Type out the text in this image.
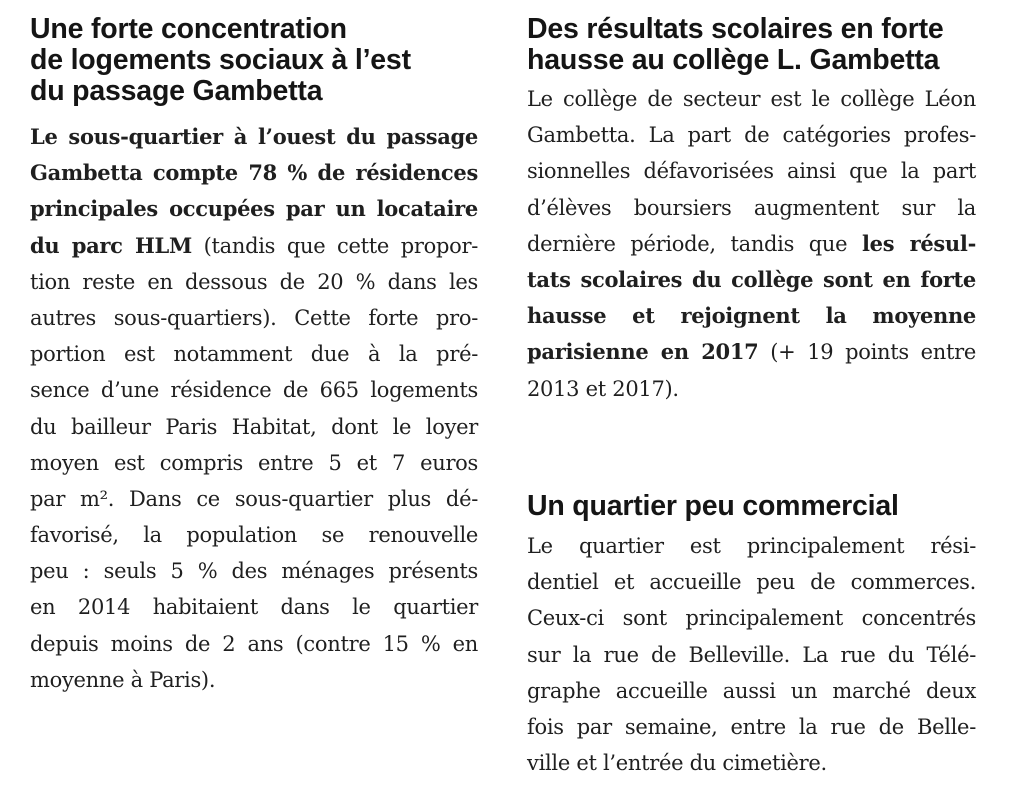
Une forte concentration
de logements sociaux à l’est
du passage Gambetta

Le sous-quartier à l’ouest du passage
Gambetta compte 78 % de résidences
principales occupées par un locataire
du parc HLM (tandis que cette propor-
tion reste en dessous de 20 % dans les
autres sous-quartiers). Cette forte pro-
portion est notamment due à la pré-
sence d’une résidence de 665 logements
du bailleur Paris Habitat, dont le loyer
moyen est compris entre 5 et 7 euros
par m². Dans ce sous-quartier plus dé-
favorisé, la population se renouvelle
peu : seuls 5 % des ménages présents
en 2014 habitaient dans le quartier
depuis moins de 2 ans (contre 15 % en
moyenne à Paris).

Des résultats scolaires en forte
hausse au collège L. Gambetta

Le collège de secteur est le collège Léon
Gambetta. La part de catégories profes-
sionnelles défavorisées ainsi que la part
d’élèves boursiers augmentent sur la
dernière période, tandis que les résul-
tats scolaires du collège sont en forte
hausse et rejoignent la moyenne
parisienne en 2017 (+ 19 points entre
2013 et 2017).

Un quartier peu commercial

Le quartier est principalement rési-
dentiel et accueille peu de commerces.
Ceux-ci sont principalement concentrés
sur la rue de Belleville. La rue du Télé-
graphe accueille aussi un marché deux
fois par semaine, entre la rue de Belle-
ville et l’entrée du cimetière.
